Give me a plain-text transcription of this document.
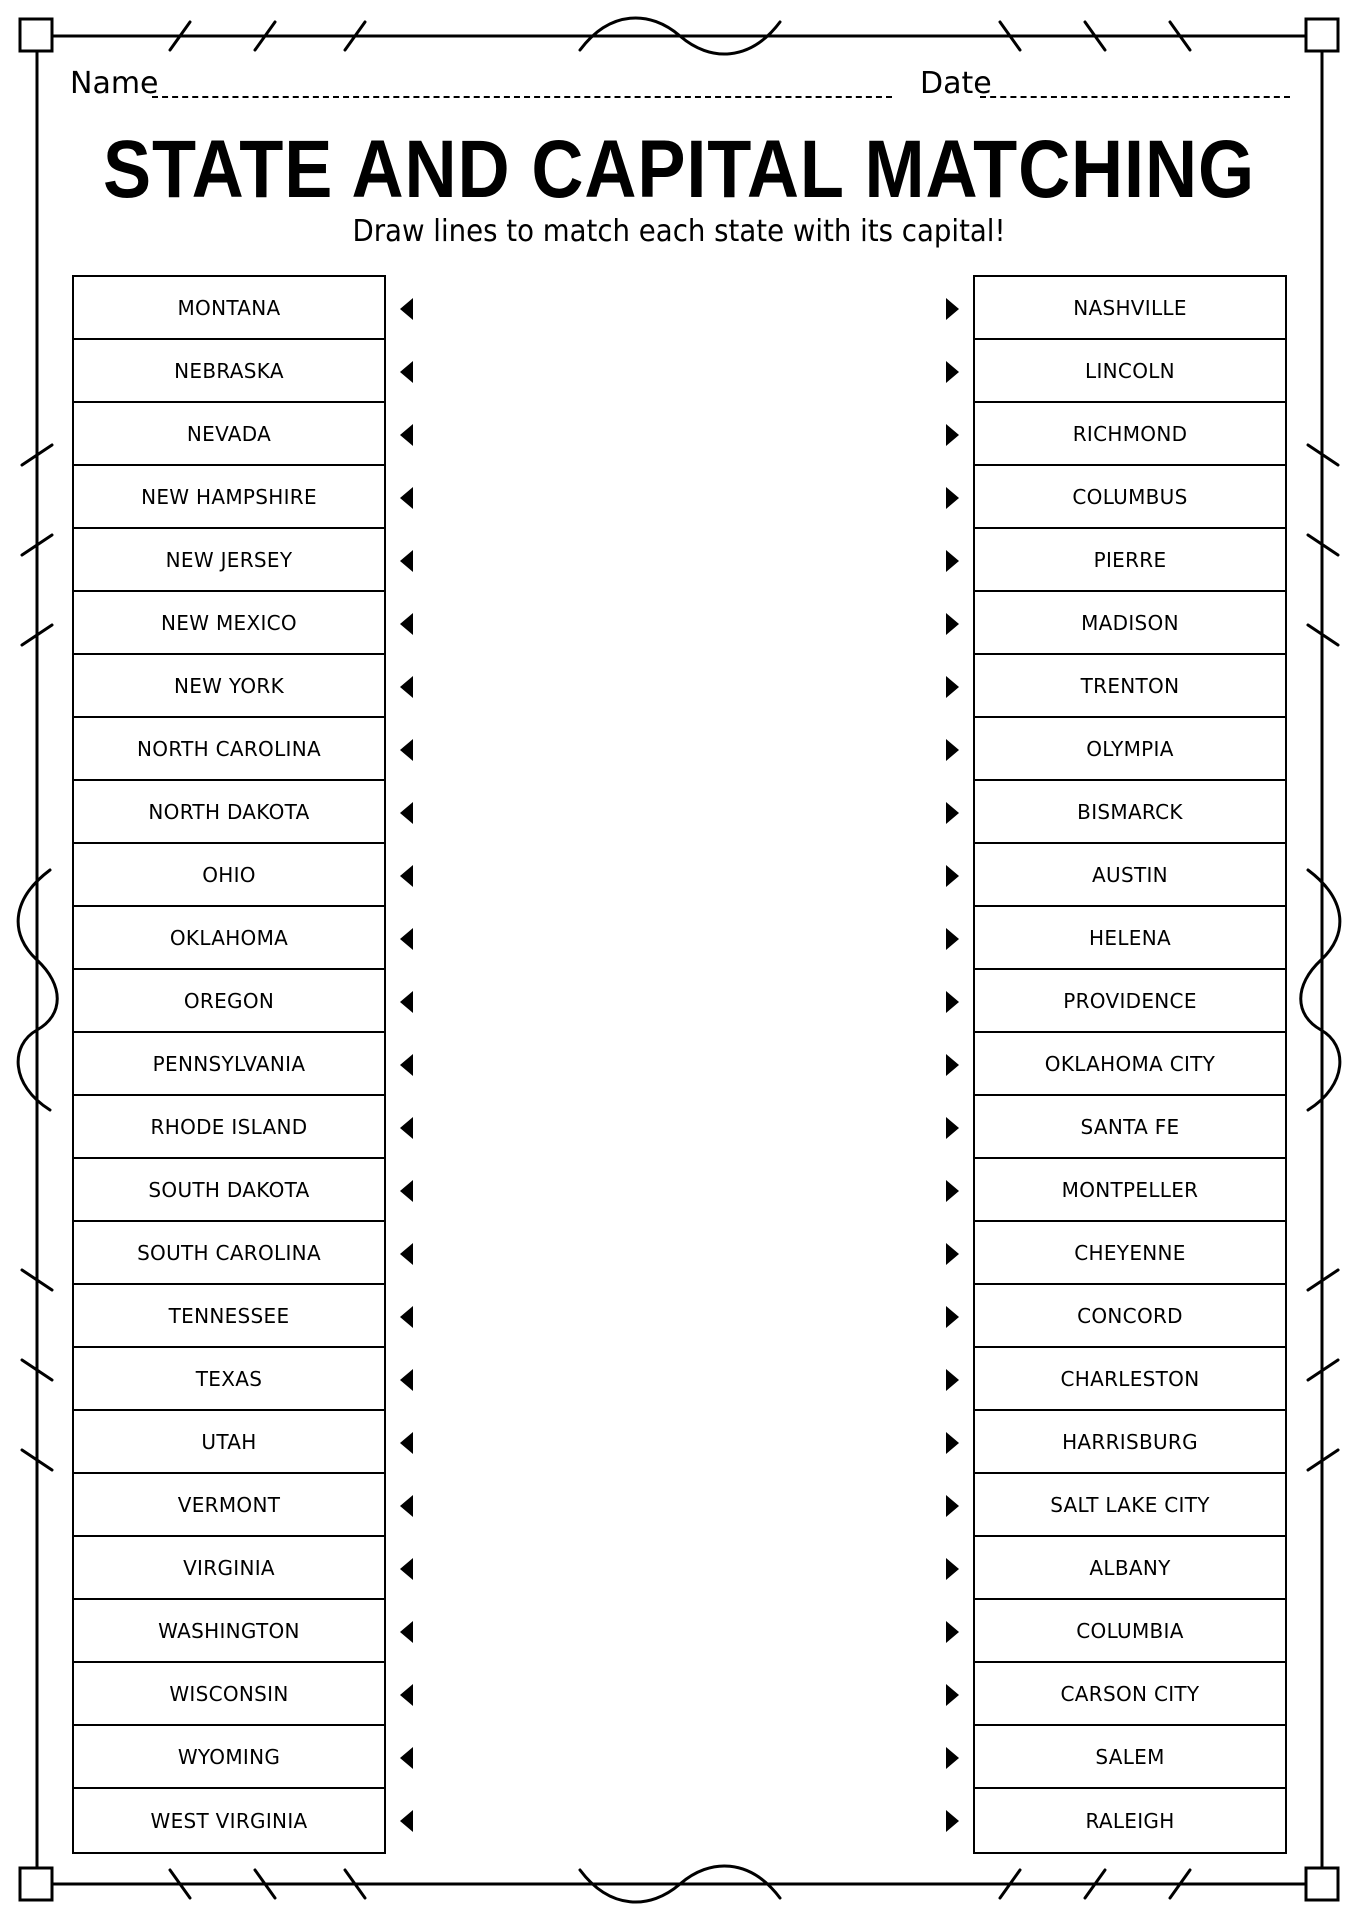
Name	Date
STATE AND CAPITAL MATCHING
Draw lines to match each state with its capital!
MONTANA
NEBRASKA
NEVADA
NEW HAMPSHIRE
NEW JERSEY
NEW MEXICO
NEW YORK
NORTH CAROLINA
NORTH DAKOTA
OHIO
OKLAHOMA
OREGON
PENNSYLVANIA
RHODE ISLAND
SOUTH DAKOTA
SOUTH CAROLINA
TENNESSEE
TEXAS
UTAH
VERMONT
VIRGINIA
WASHINGTON
WISCONSIN
WYOMING
WEST VIRGINIA
NASHVILLE
LINCOLN
RICHMOND
COLUMBUS
PIERRE
MADISON
TRENTON
OLYMPIA
BISMARCK
AUSTIN
HELENA
PROVIDENCE
OKLAHOMA CITY
SANTA FE
MONTPELLER
CHEYENNE
CONCORD
CHARLESTON
HARRISBURG
SALT LAKE CITY
ALBANY
COLUMBIA
CARSON CITY
SALEM
RALEIGH
